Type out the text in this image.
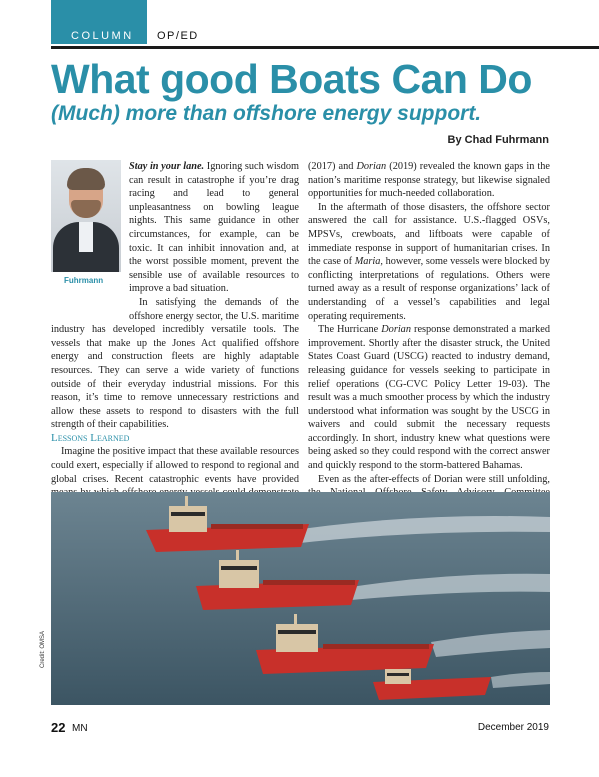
COLUMN OP/ED
What good Boats Can Do
(Much) more than offshore energy support.
By Chad Fuhrmann
Fuhrmann

Stay in your lane. Ignoring such wisdom can result in catastrophe if you’re drag racing and lead to general unpleasantness on bowling league nights. This same guidance in other circumstances, for example, can be toxic. It can inhibit innovation and, at the worst possible moment, prevent the sensible use of available resources to improve a bad situation.

In satisfying the demands of the offshore energy sector, the U.S. maritime industry has developed incredibly versatile tools. The vessels that make up the Jones Act qualified offshore energy and construction fleets are highly adaptable resources. They can serve a wide variety of functions outside of their everyday industrial missions. For this reason, it’s time to remove unnecessary restrictions and allow these assets to respond to disasters with the full strength of their capabilities.

Lessons Learned

Imagine the positive impact that these available resources could exert, especially if allowed to respond to regional and global crises. Recent catastrophic events have provided

(2017) and Dorian (2019) revealed the known gaps in the nation’s maritime response strategy, but likewise signaled opportunities for much-needed collaboration.

In the aftermath of those disasters, the offshore sector answered the call for assistance. U.S.-flagged OSVs, MPSVs, crewboats, and liftboats were capable of immediate response in support of humanitarian crises. In the case of Maria, however, some vessels were blocked by conflicting interpretations of regulations. Others were turned away as a result of response organizations’ lack of understanding of a vessel’s capabilities and legal operating requirements.

The Hurricane Dorian response demonstrated a marked improvement. Shortly after the disaster struck, the United States Coast Guard (USCG) reacted to industry demand, releasing guidance for vessels seeking to participate in relief operations (CG-CVC Policy Letter 19-03). The result was a much smoother process by which the industry understood what information was sought by the USCG in waivers and could submit the necessary requests accordingly. In short, industry knew what questions were being asked so they could respond with the correct answer and quickly respond to the storm-battered Bahamas.

Even as the after-effects of Dorian were still unfolding,

Credit: OMSA
22 MN	December 2019
